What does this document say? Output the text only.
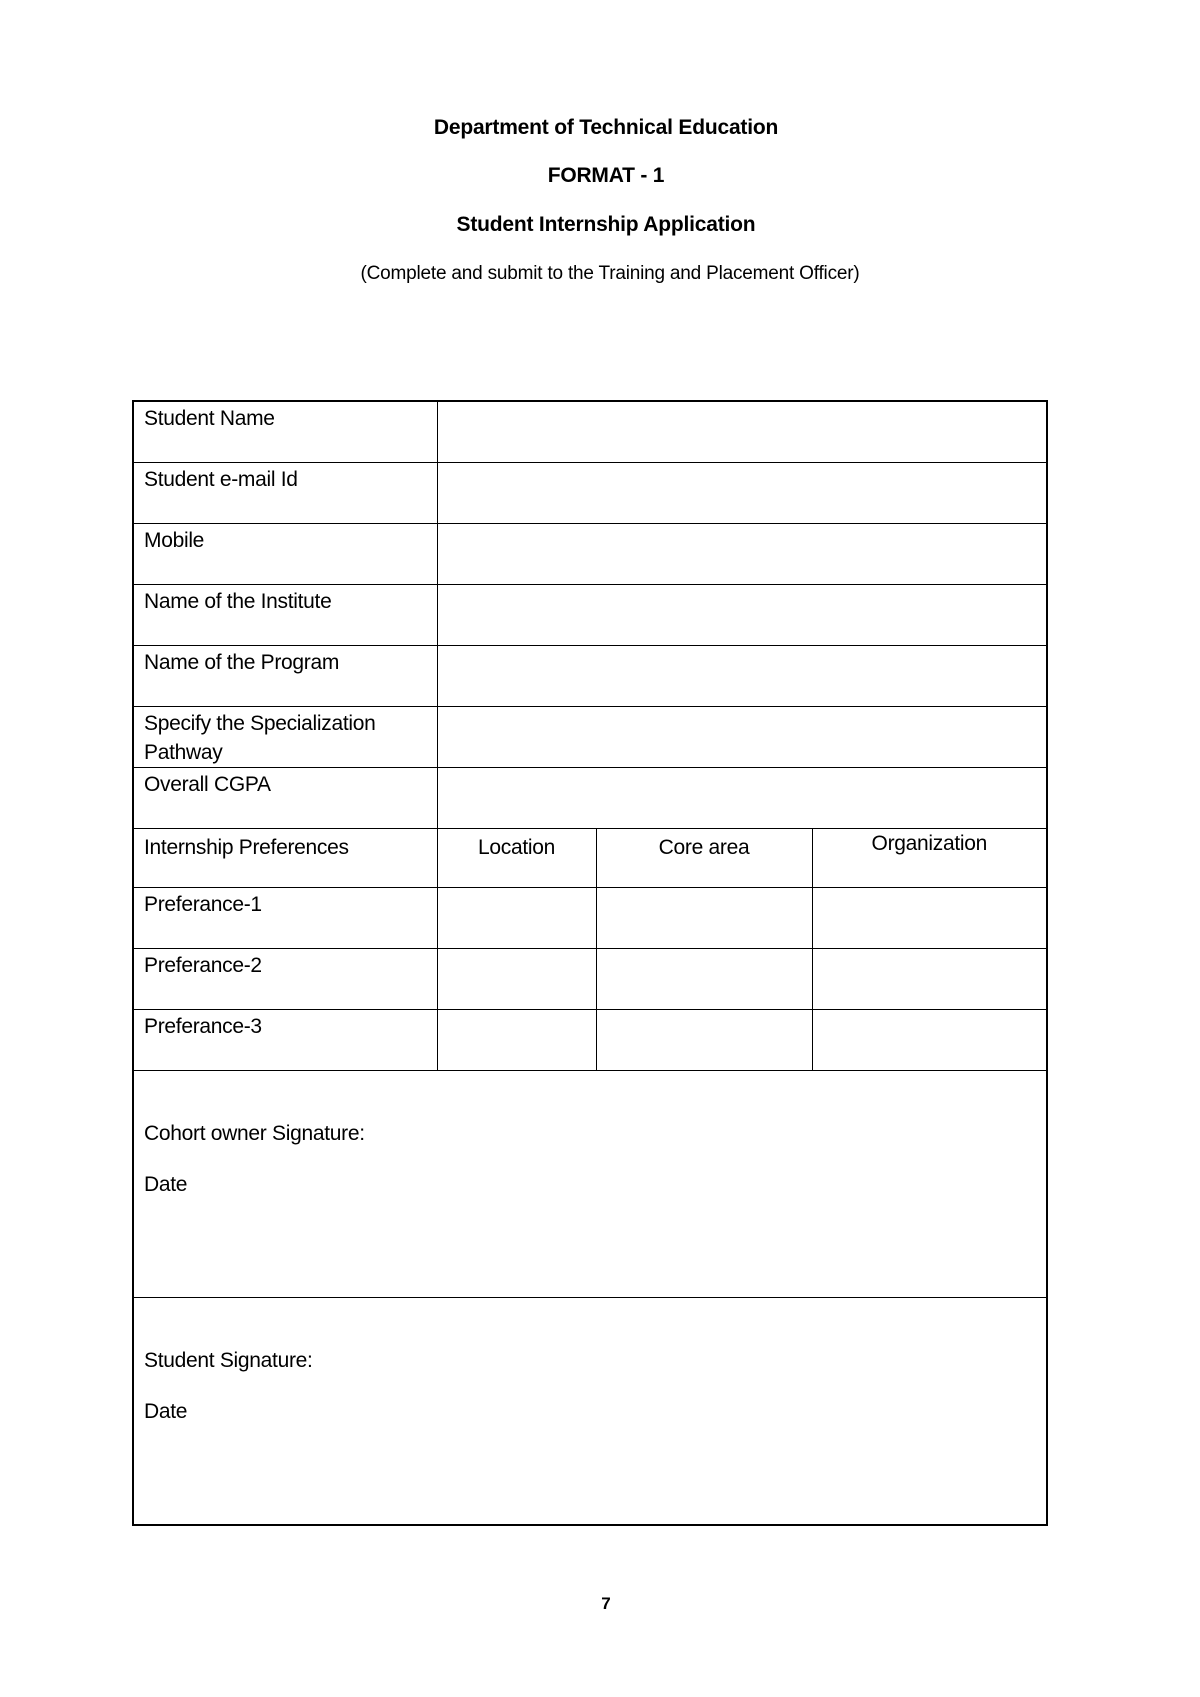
Department of Technical Education
FORMAT - 1
Student Internship Application
(Complete and submit to the Training and Placement Officer)
Student Name			
Student e-mail Id			
Mobile			
Name of the Institute			
Name of the Program			
Specify the Specialization Pathway			
Overall CGPA			
Internship Preferences	Location	Core area	Organization
Preferance-1			
Preferance-2			
Preferance-3			

Cohort owner Signature:
Date			

Student Signature:
Date			
7
